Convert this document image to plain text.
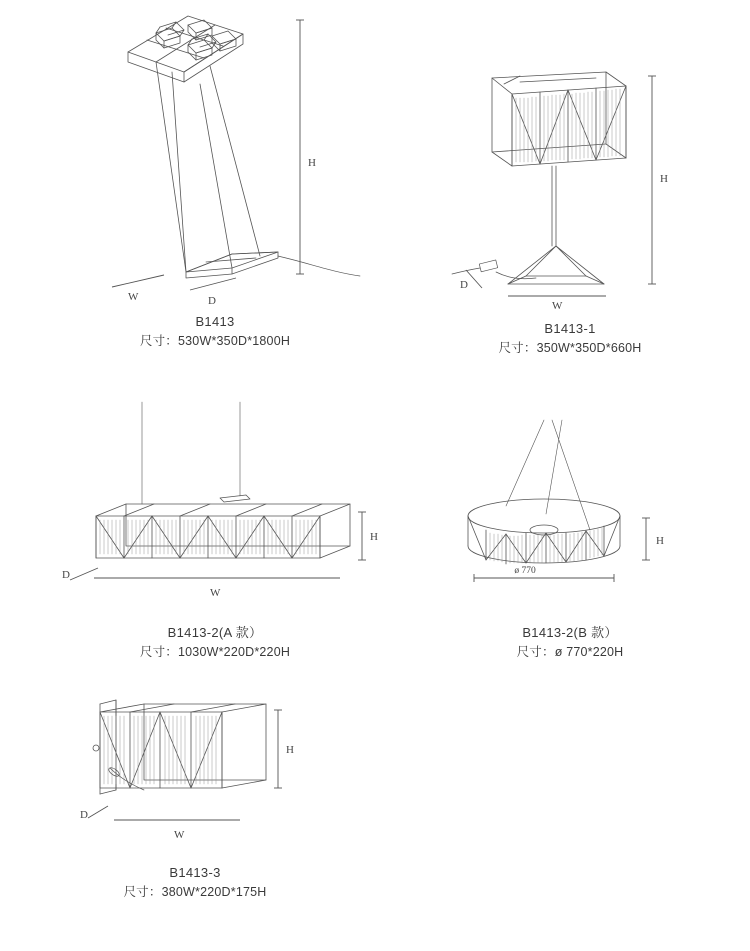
H
W	D
B1413
尺寸：530W*350D*1800H
H
W
D
B1413-1
尺寸：350W*350D*660H
H
W
D
B1413-2(A 款）
尺寸：1030W*220D*220H
H
ø 770
B1413-2(B 款）
尺寸：ø 770*220H
H
W
D
B1413-3
尺寸：380W*220D*175H
